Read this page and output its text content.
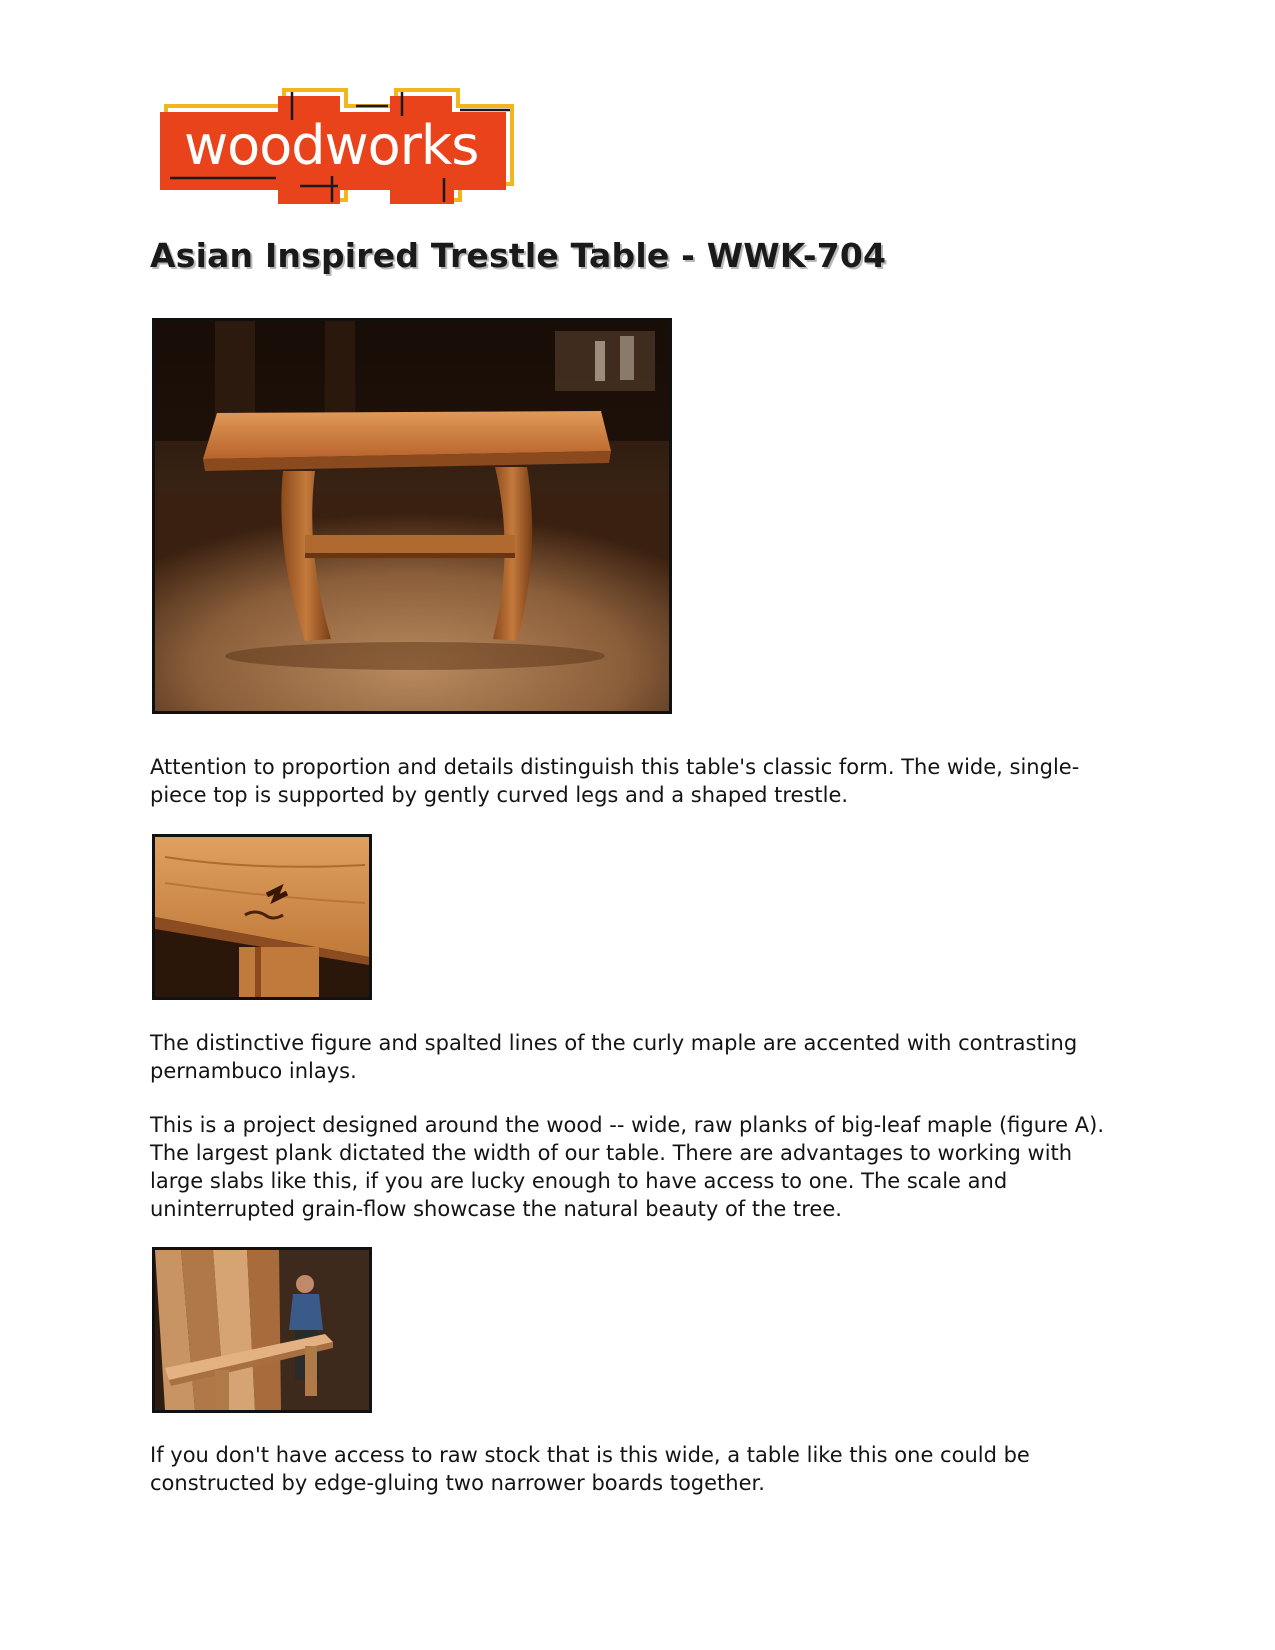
woodworks
Asian Inspired Trestle Table - WWK-704

Attention to proportion and details distinguish this table's classic form. The wide, single-piece top is supported by gently curved legs and a shaped trestle.

The distinctive figure and spalted lines of the curly maple are accented with contrasting pernambuco inlays.

This is a project designed around the wood -- wide, raw planks of big-leaf maple (figure A). The largest plank dictated the width of our table. There are advantages to working with large slabs like this, if you are lucky enough to have access to one. The scale and uninterrupted grain-flow showcase the natural beauty of the tree.

If you don't have access to raw stock that is this wide, a table like this one could be constructed by edge-gluing two narrower boards together.
